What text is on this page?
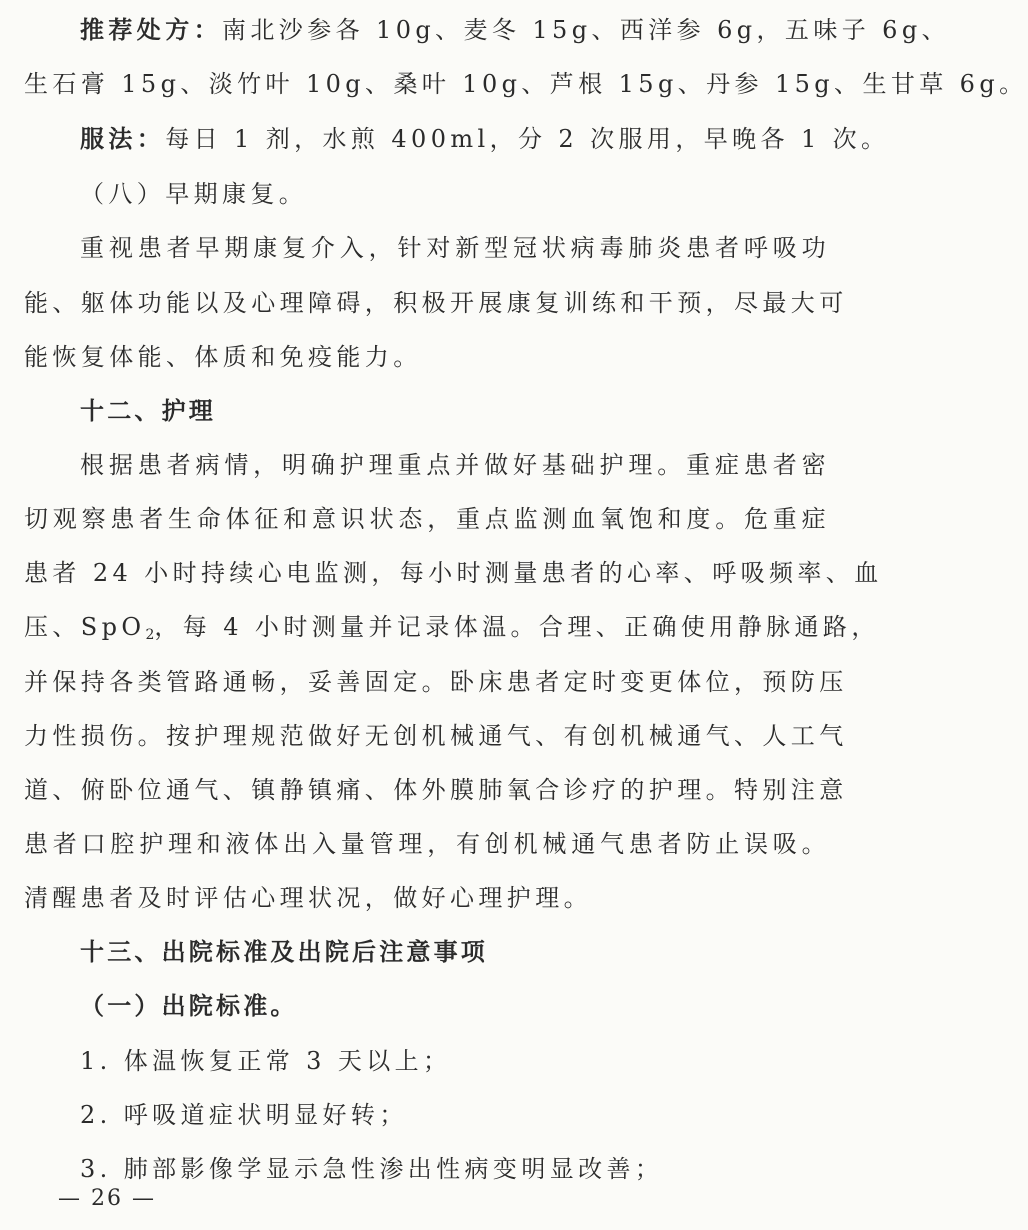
推荐处方：南北沙参各 10g、麦冬 15g、西洋参 6g，五味子 6g、
生石膏 15g、淡竹叶 10g、桑叶 10g、芦根 15g、丹参 15g、生甘草 6g。
服法：每日 1 剂，水煎 400ml，分 2 次服用，早晚各 1 次。
（八）早期康复。
重视患者早期康复介入，针对新型冠状病毒肺炎患者呼吸功
能、躯体功能以及心理障碍，积极开展康复训练和干预，尽最大可
能恢复体能、体质和免疫能力。
十二、护理
根据患者病情，明确护理重点并做好基础护理。重症患者密
切观察患者生命体征和意识状态，重点监测血氧饱和度。危重症
患者 24 小时持续心电监测，每小时测量患者的心率、呼吸频率、血
压、SpO$_2$，每 4 小时测量并记录体温。合理、正确使用静脉通路，
并保持各类管路通畅，妥善固定。卧床患者定时变更体位，预防压
力性损伤。按护理规范做好无创机械通气、有创机械通气、人工气
道、俯卧位通气、镇静镇痛、体外膜肺氧合诊疗的护理。特别注意
患者口腔护理和液体出入量管理，有创机械通气患者防止误吸。
清醒患者及时评估心理状况，做好心理护理。
十三、出院标准及出院后注意事项
（一）出院标准。
1. 体温恢复正常 3 天以上；
2. 呼吸道症状明显好转；
3. 肺部影像学显示急性渗出性病变明显改善；
— 26 —
